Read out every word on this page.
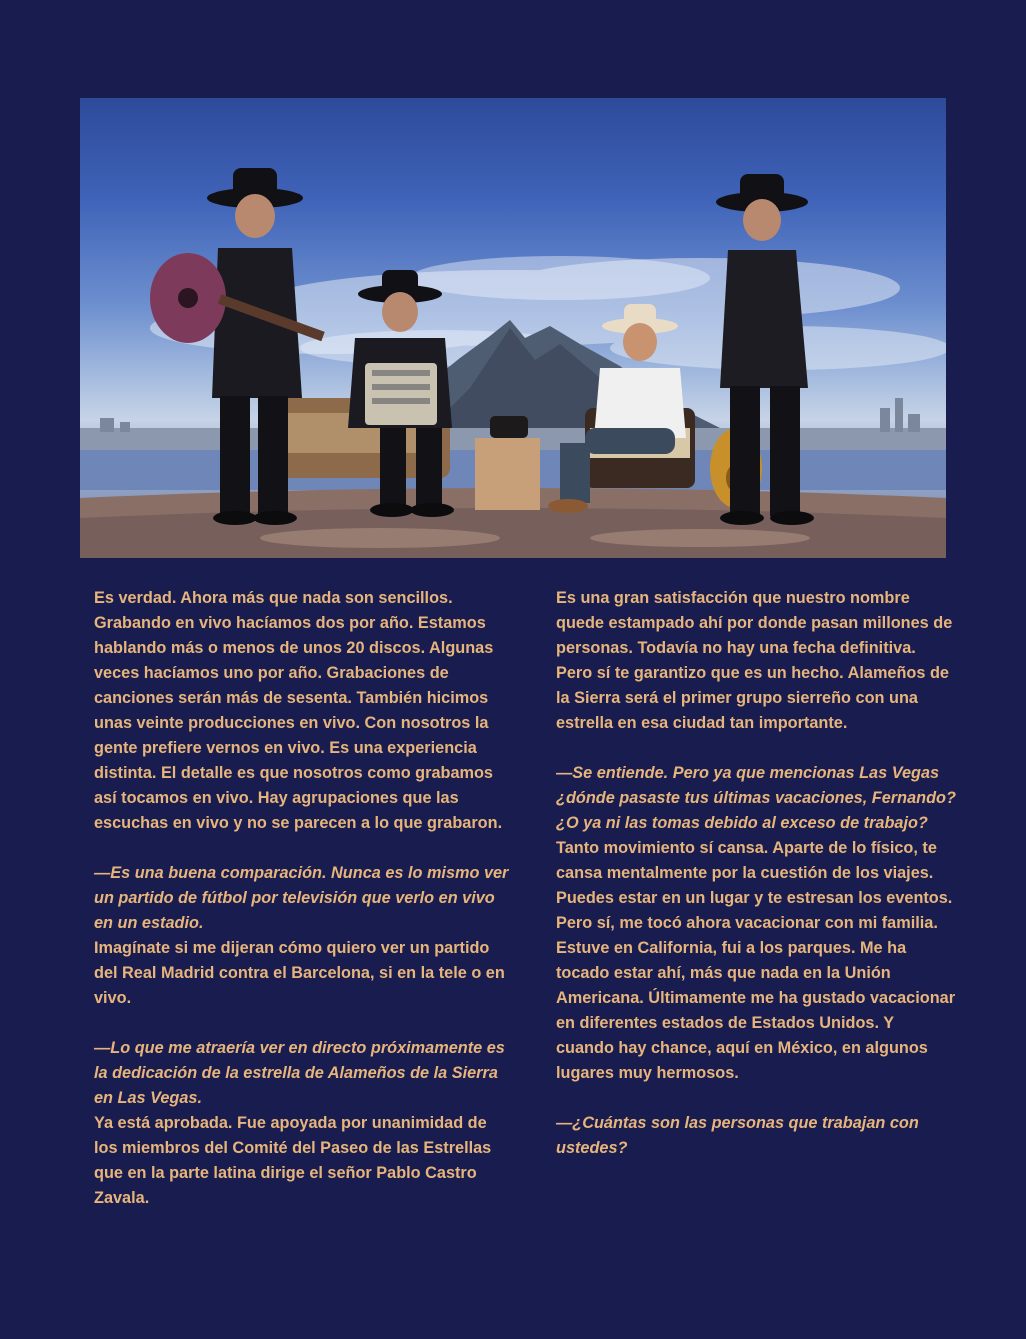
Es verdad. Ahora más que nada son sencillos. Grabando en vivo hacíamos dos por año. Estamos hablando más o menos de unos 20 discos. Algunas veces hacíamos uno por año. Grabaciones de canciones serán más de sesenta. También hicimos unas veinte producciones en vivo. Con nosotros la gente prefiere vernos en vivo. Es una experiencia distinta. El detalle es que nosotros como grabamos así tocamos en vivo. Hay agrupaciones que las escuchas en vivo y no se parecen a lo que grabaron.

—Es una buena comparación. Nunca es lo mismo ver un partido de fútbol por televisión que verlo en vivo en un estadio.

Imagínate si me dijeran cómo quiero ver un partido del Real Madrid contra el Barcelona, si en la tele o en vivo.

—Lo que me atraería ver en directo próximamente es la dedicación de la estrella de Alameños de la Sierra en Las Vegas.

Ya está aprobada. Fue apoyada por unanimidad de los miembros del Comité del Paseo de las Estrellas que en la parte latina dirige el señor Pablo Castro Zavala.

Es una gran satisfacción que nuestro nombre quede estampado ahí por donde pasan millones de personas. Todavía no hay una fecha definitiva. Pero sí te garantizo que es un hecho. Alameños de la Sierra será el primer grupo sierreño con una estrella en esa ciudad tan importante.

—Se entiende. Pero ya que mencionas Las Vegas ¿dónde pasaste tus últimas vacaciones, Fernando? ¿O ya ni las tomas debido al exceso de trabajo?

Tanto movimiento sí cansa. Aparte de lo físico, te cansa mentalmente por la cuestión de los viajes. Puedes estar en un lugar y te estresan los eventos.

Pero sí, me tocó ahora vacacionar con mi familia. Estuve en California, fui a los parques. Me ha tocado estar ahí, más que nada en la Unión Americana. Últimamente me ha gustado vacacionar en diferentes estados de Estados Unidos. Y cuando hay chance, aquí en México, en algunos lugares muy hermosos.

—¿Cuántas son las personas que trabajan con ustedes?
